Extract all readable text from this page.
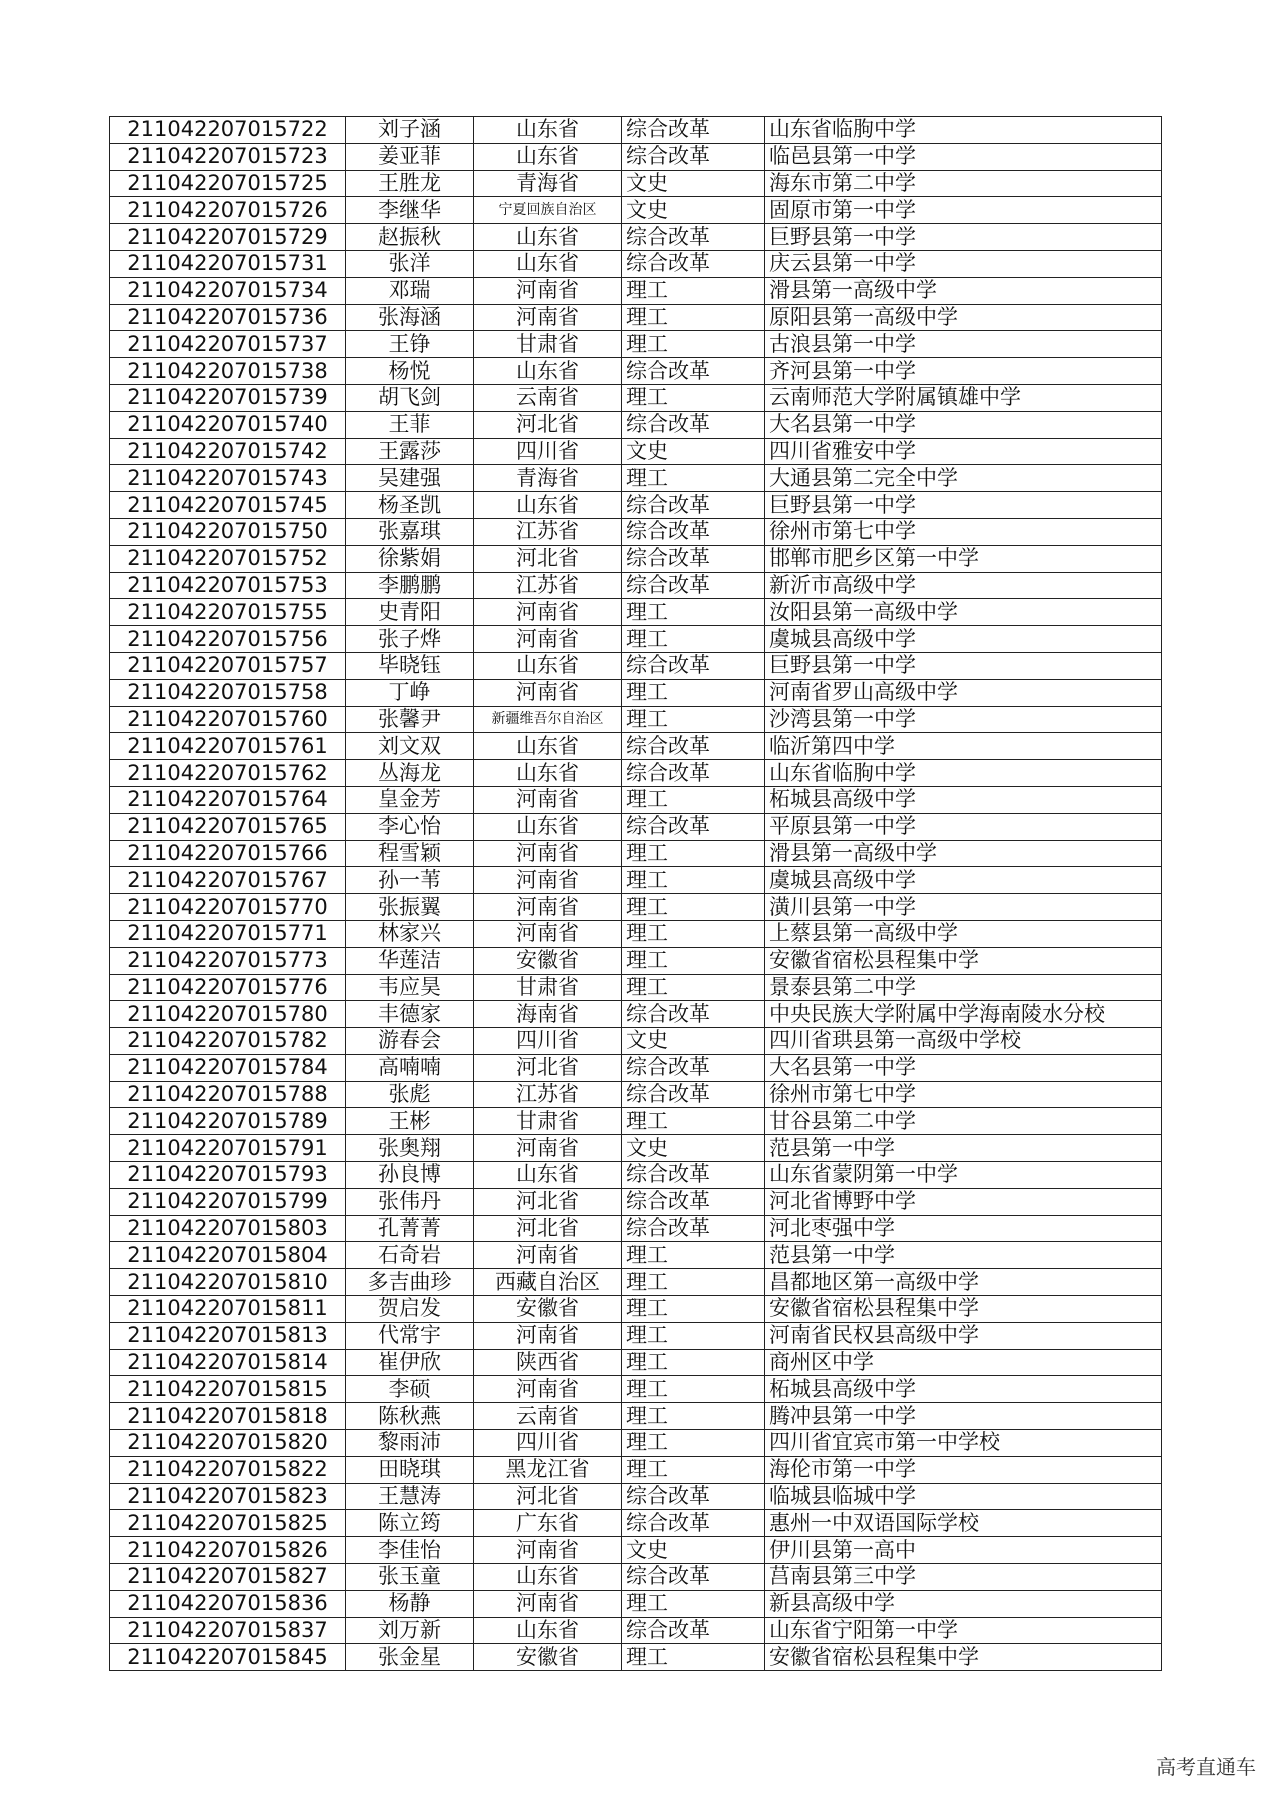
211042207015722	刘子涵	山东省	综合改革	山东省临朐中学
211042207015723	姜亚菲	山东省	综合改革	临邑县第一中学
211042207015725	王胜龙	青海省	文史	海东市第二中学
211042207015726	李继华	宁夏回族自治区	文史	固原市第一中学
211042207015729	赵振秋	山东省	综合改革	巨野县第一中学
211042207015731	张洋	山东省	综合改革	庆云县第一中学
211042207015734	邓瑞	河南省	理工	滑县第一高级中学
211042207015736	张海涵	河南省	理工	原阳县第一高级中学
211042207015737	王铮	甘肃省	理工	古浪县第一中学
211042207015738	杨悦	山东省	综合改革	齐河县第一中学
211042207015739	胡飞剑	云南省	理工	云南师范大学附属镇雄中学
211042207015740	王菲	河北省	综合改革	大名县第一中学
211042207015742	王露莎	四川省	文史	四川省雅安中学
211042207015743	吴建强	青海省	理工	大通县第二完全中学
211042207015745	杨圣凯	山东省	综合改革	巨野县第一中学
211042207015750	张嘉琪	江苏省	综合改革	徐州市第七中学
211042207015752	徐紫娟	河北省	综合改革	邯郸市肥乡区第一中学
211042207015753	李鹏鹏	江苏省	综合改革	新沂市高级中学
211042207015755	史青阳	河南省	理工	汝阳县第一高级中学
211042207015756	张子烨	河南省	理工	虞城县高级中学
211042207015757	毕晓钰	山东省	综合改革	巨野县第一中学
211042207015758	丁峥	河南省	理工	河南省罗山高级中学
211042207015760	张馨尹	新疆维吾尔自治区	理工	沙湾县第一中学
211042207015761	刘文双	山东省	综合改革	临沂第四中学
211042207015762	丛海龙	山东省	综合改革	山东省临朐中学
211042207015764	皇金芳	河南省	理工	柘城县高级中学
211042207015765	李心怡	山东省	综合改革	平原县第一中学
211042207015766	程雪颖	河南省	理工	滑县第一高级中学
211042207015767	孙一苇	河南省	理工	虞城县高级中学
211042207015770	张振翼	河南省	理工	潢川县第一中学
211042207015771	林家兴	河南省	理工	上蔡县第一高级中学
211042207015773	华莲洁	安徽省	理工	安徽省宿松县程集中学
211042207015776	韦应昊	甘肃省	理工	景泰县第二中学
211042207015780	丰德家	海南省	综合改革	中央民族大学附属中学海南陵水分校
211042207015782	游春会	四川省	文史	四川省珙县第一高级中学校
211042207015784	高喃喃	河北省	综合改革	大名县第一中学
211042207015788	张彪	江苏省	综合改革	徐州市第七中学
211042207015789	王彬	甘肃省	理工	甘谷县第二中学
211042207015791	张奥翔	河南省	文史	范县第一中学
211042207015793	孙良博	山东省	综合改革	山东省蒙阴第一中学
211042207015799	张伟丹	河北省	综合改革	河北省博野中学
211042207015803	孔菁菁	河北省	综合改革	河北枣强中学
211042207015804	石奇岩	河南省	理工	范县第一中学
211042207015810	多吉曲珍	西藏自治区	理工	昌都地区第一高级中学
211042207015811	贺启发	安徽省	理工	安徽省宿松县程集中学
211042207015813	代常宇	河南省	理工	河南省民权县高级中学
211042207015814	崔伊欣	陕西省	理工	商州区中学
211042207015815	李硕	河南省	理工	柘城县高级中学
211042207015818	陈秋燕	云南省	理工	腾冲县第一中学
211042207015820	黎雨沛	四川省	理工	四川省宜宾市第一中学校
211042207015822	田晓琪	黑龙江省	理工	海伦市第一中学
211042207015823	王慧涛	河北省	综合改革	临城县临城中学
211042207015825	陈立筠	广东省	综合改革	惠州一中双语国际学校
211042207015826	李佳怡	河南省	文史	伊川县第一高中
211042207015827	张玉童	山东省	综合改革	莒南县第三中学
211042207015836	杨静	河南省	理工	新县高级中学
211042207015837	刘万新	山东省	综合改革	山东省宁阳第一中学
211042207015845	张金星	安徽省	理工	安徽省宿松县程集中学
高考直通车
